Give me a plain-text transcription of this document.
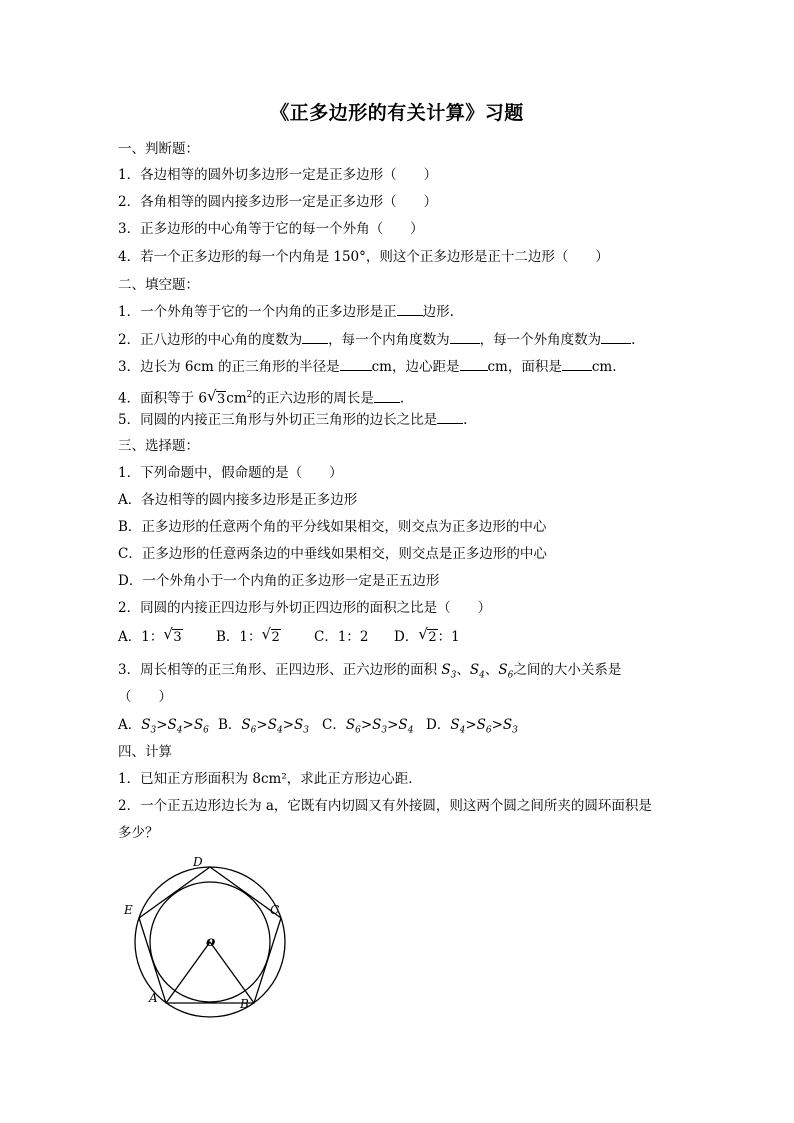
《正多边形的有关计算》习题
一、判断题：
1．各边相等的圆外切多边形一定是正多边形（　　）
2．各角相等的圆内接多边形一定是正多边形（　　）
3．正多边形的中心角等于它的每一个外角（　　）
4．若一个正多边形的每一个内角是 150°，则这个正多边形是正十二边形（　　）
二、填空题：
1．一个外角等于它的一个内角的正多边形是正 边形.
2．正八边形的中心角的度数为 ，每一个内角度数为 ，每一个外角度数为 .
3．边长为 6cm 的正三角形的半径是 cm，边心距是 cm，面积是 cm.
4．面积等于 6 √ $3cm^2$的正六边形的周长是 .
5．同圆的内接正三角形与外切正三角形的边长之比是 .
三、选择题：
1．下列命题中，假命题的是（　　）
A．各边相等的圆内接多边形是正多边形
B．正多边形的任意两个角的平分线如果相交，则交点为正多边形的中心
C．正多边形的任意两条边的中垂线如果相交，则交点是正多边形的中心
D．一个外角小于一个内角的正多边形一定是正五边形
2．同圆的内接正四边形与外切正四边形的面积之比是（　　）
A．1： √ 3	B．1： √ 2	C．1：2 D． √ 2：1
3．周长相等的正三角形、正四边形、正六边形的面积 $S_3$、$S_4$、$S_6$之间的大小关系是
（　　）
A．$S_3>S_4>S_6$ B．$S_6>S_4>S_3$ C．$S_6>S_3>S_4$ D．$S_4>S_6>S_3$
四、计算
1．已知正方形面积为 8cm²，求此正方形边心距．
2．一个正五边形边长为 a，它既有内切圆又有外接圆，则这两个圆之间所夹的圆环面积是
多少？
D
E	C
o
A	B
